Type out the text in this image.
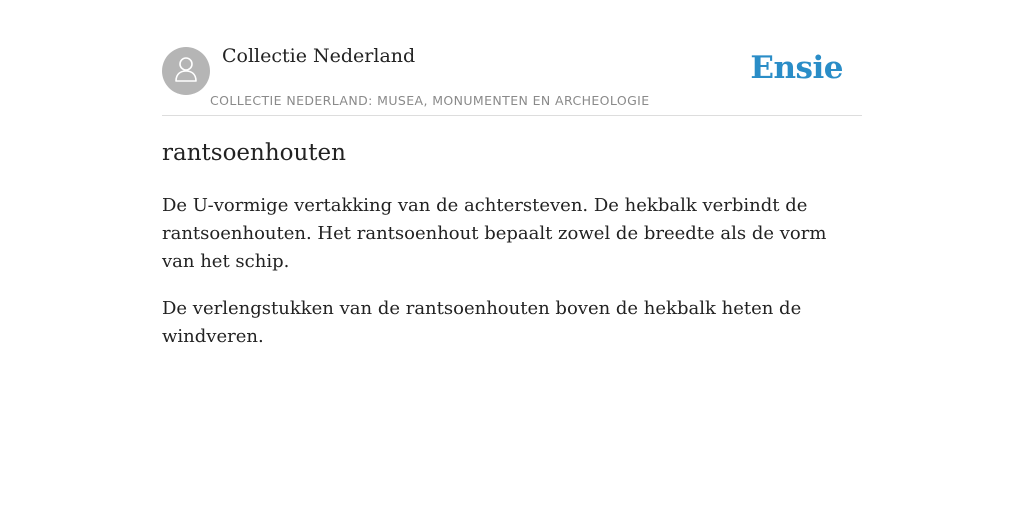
Collectie Nederland
COLLECTIE NEDERLAND: MUSEA, MONUMENTEN EN ARCHEOLOGIE
Ensie
rantsoenhouten

De U-vormige vertakking van de achtersteven. De hekbalk verbindt de rantsoenhouten. Het rantsoenhout bepaalt zowel de breedte als de vorm van het schip.

De verlengstukken van de rantsoenhouten boven de hekbalk heten de windveren.
